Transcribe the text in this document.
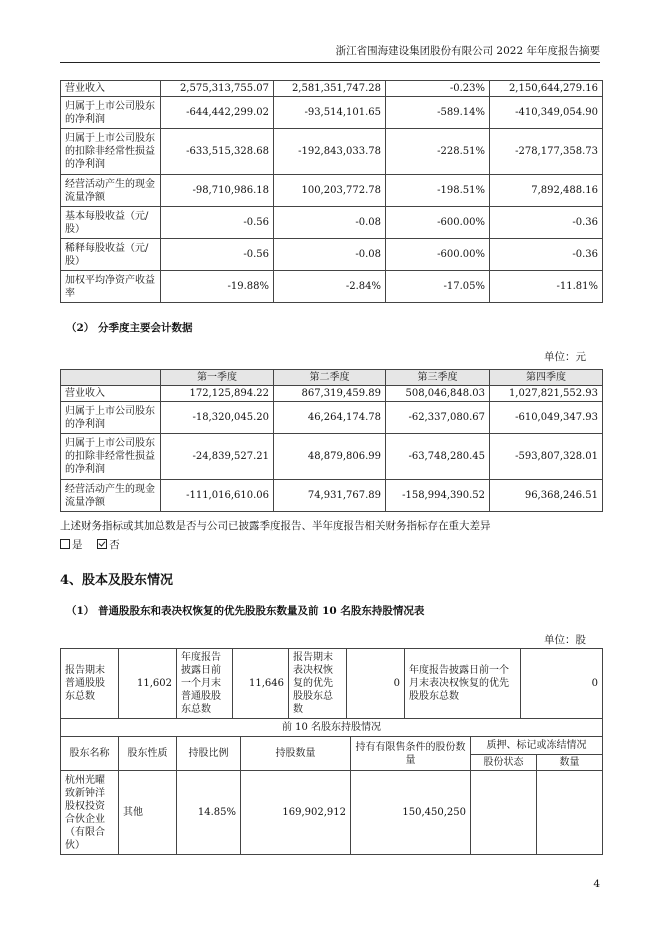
浙江省围海建设集团股份有限公司 2022 年年度报告摘要
营业收入	2,575,313,755.07	2,581,351,747.28	-0.23%	2,150,644,279.16
归属于上市公司股东的净利润	-644,442,299.02	-93,514,101.65	-589.14%	-410,349,054.90
归属于上市公司股东的扣除非经常性损益的净利润	-633,515,328.68	-192,843,033.78	-228.51%	-278,177,358.73
经营活动产生的现金流量净额	-98,710,986.18	100,203,772.78	-198.51%	7,892,488.16
基本每股收益（元/股）	-0.56	-0.08	-600.00%	-0.36
稀释每股收益（元/股）	-0.56	-0.08	-600.00%	-0.36
加权平均净资产收益率	-19.88%	-2.84%	-17.05%	-11.81%
（2） 分季度主要会计数据
单位：元
	第一季度	第二季度	第三季度	第四季度
营业收入	172,125,894.22	867,319,459.89	508,046,848.03	1,027,821,552.93
归属于上市公司股东的净利润	-18,320,045.20	46,264,174.78	-62,337,080.67	-610,049,347.93
归属于上市公司股东的扣除非经常性损益的净利润	-24,839,527.21	48,879,806.99	-63,748,280.45	-593,807,328.01
经营活动产生的现金流量净额	-111,016,610.06	74,931,767.89	-158,994,390.52	96,368,246.51
上述财务指标或其加总数是否与公司已披露季度报告、半年度报告相关财务指标存在重大差异
是	否
4、股本及股东情况
（1） 普通股股东和表决权恢复的优先股股东数量及前 10 名股东持股情况表
单位：股
报告期末普通股股东总数	11,602	年度报告披露日前一个月末普通股股东总数	11,646	报告期末表决权恢复的优先股股东总数	0	年度报告披露日前一个月末表决权恢复的优先股股东总数	0
前 10 名股东持股情况						
股东名称	股东性质	持股比例	持股数量	持有有限售条件的股份数量	质押、标记或冻结情况	
					股份状态	数量
杭州光曜致新钟洋股权投资合伙企业（有限合伙）	其他	14.85%	169,902,912	150,450,250		
4
